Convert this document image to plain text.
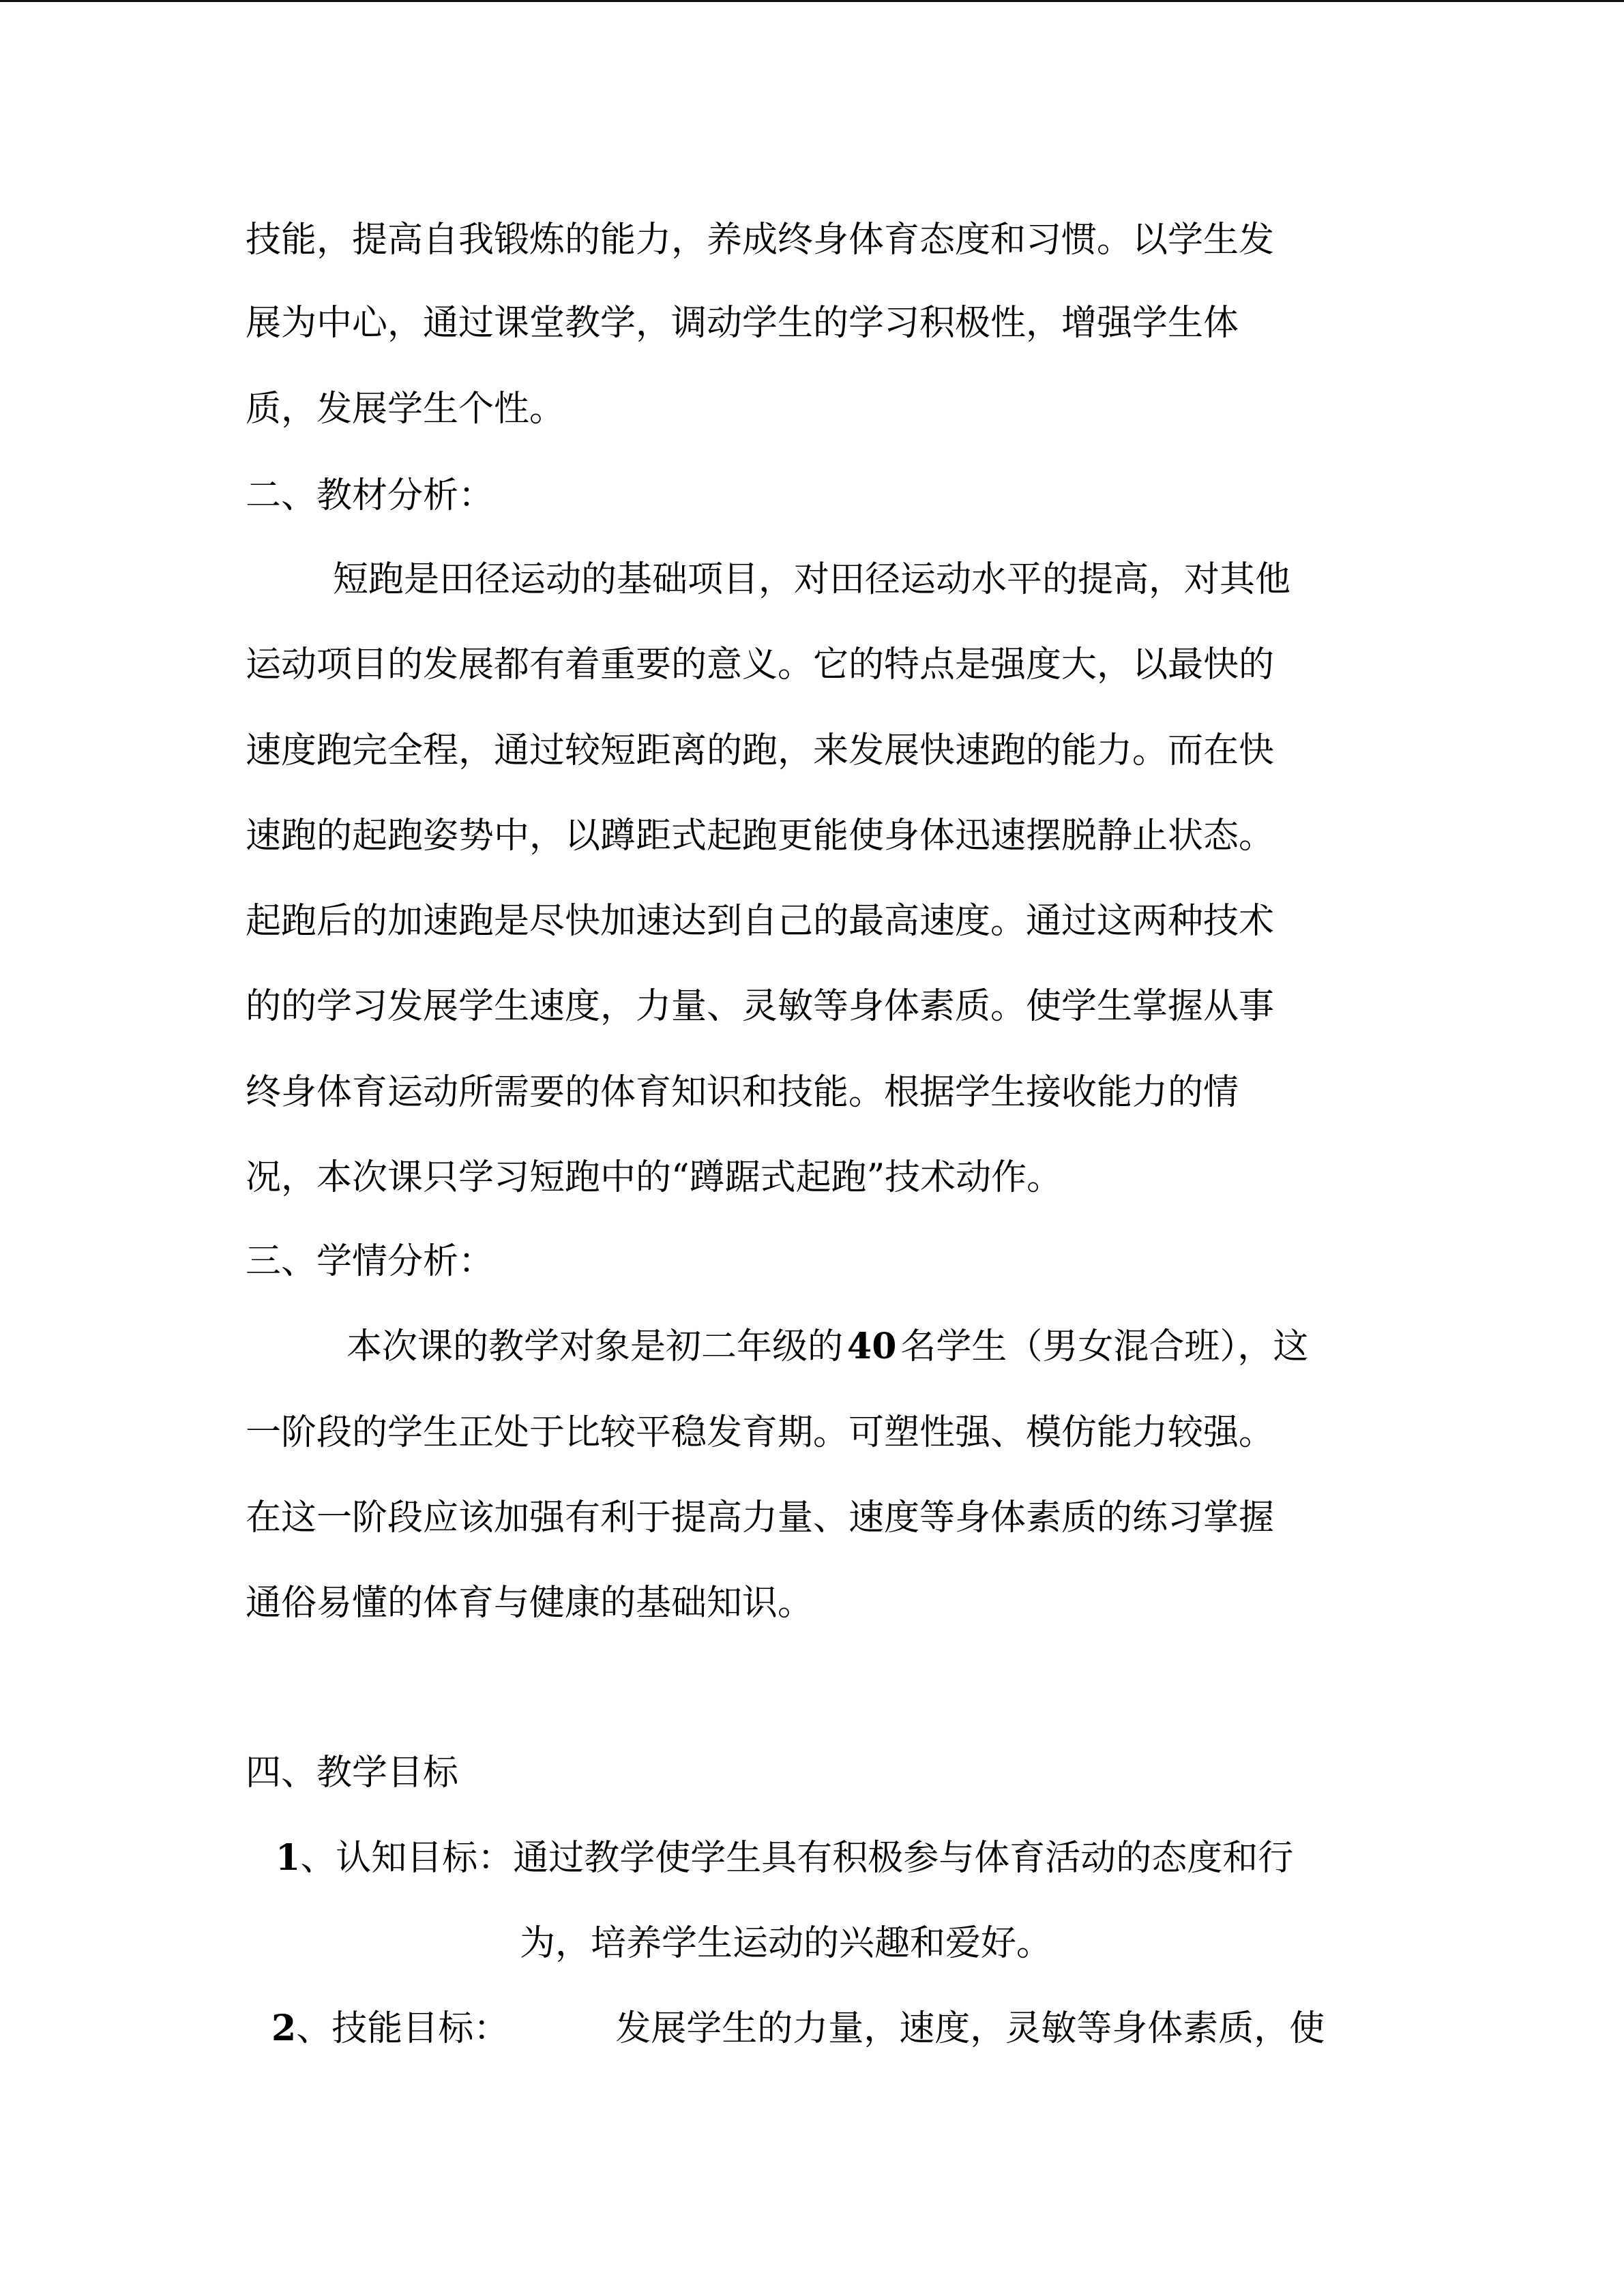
技能，提高自我锻炼的能力，养成终身体育态度和习惯。以学生发
展为中心，通过课堂教学，调动学生的学习积极性，增强学生体
质，发展学生个性。
二、教材分析：
短跑是田径运动的基础项目，对田径运动水平的提高，对其他
运动项目的发展都有着重要的意义。它的特点是强度大，以最快的
速度跑完全程，通过较短距离的跑，来发展快速跑的能力。而在快
速跑的起跑姿势中，以蹲距式起跑更能使身体迅速摆脱静止状态。
起跑后的加速跑是尽快加速达到自己的最高速度。通过这两种技术
的的学习发展学生速度，力量、灵敏等身体素质。使学生掌握从事
终身体育运动所需要的体育知识和技能。根据学生接收能力的情
况，本次课只学习短跑中的“蹲踞式起跑”技术动作。
三、学情分析：
本次课的教学对象是初二年级的 40 名学生（男女混合班），这
一阶段的学生正处于比较平稳发育期。可塑性强、模仿能力较强。
在这一阶段应该加强有利于提高力量、速度等身体素质的练习掌握
通俗易懂的体育与健康的基础知识。
四、教学目标
1、认知目标：通过教学使学生具有积极参与体育活动的态度和行
为，培养学生运动的兴趣和爱好。
2、技能目标：	发展学生的力量，速度，灵敏等身体素质，使
